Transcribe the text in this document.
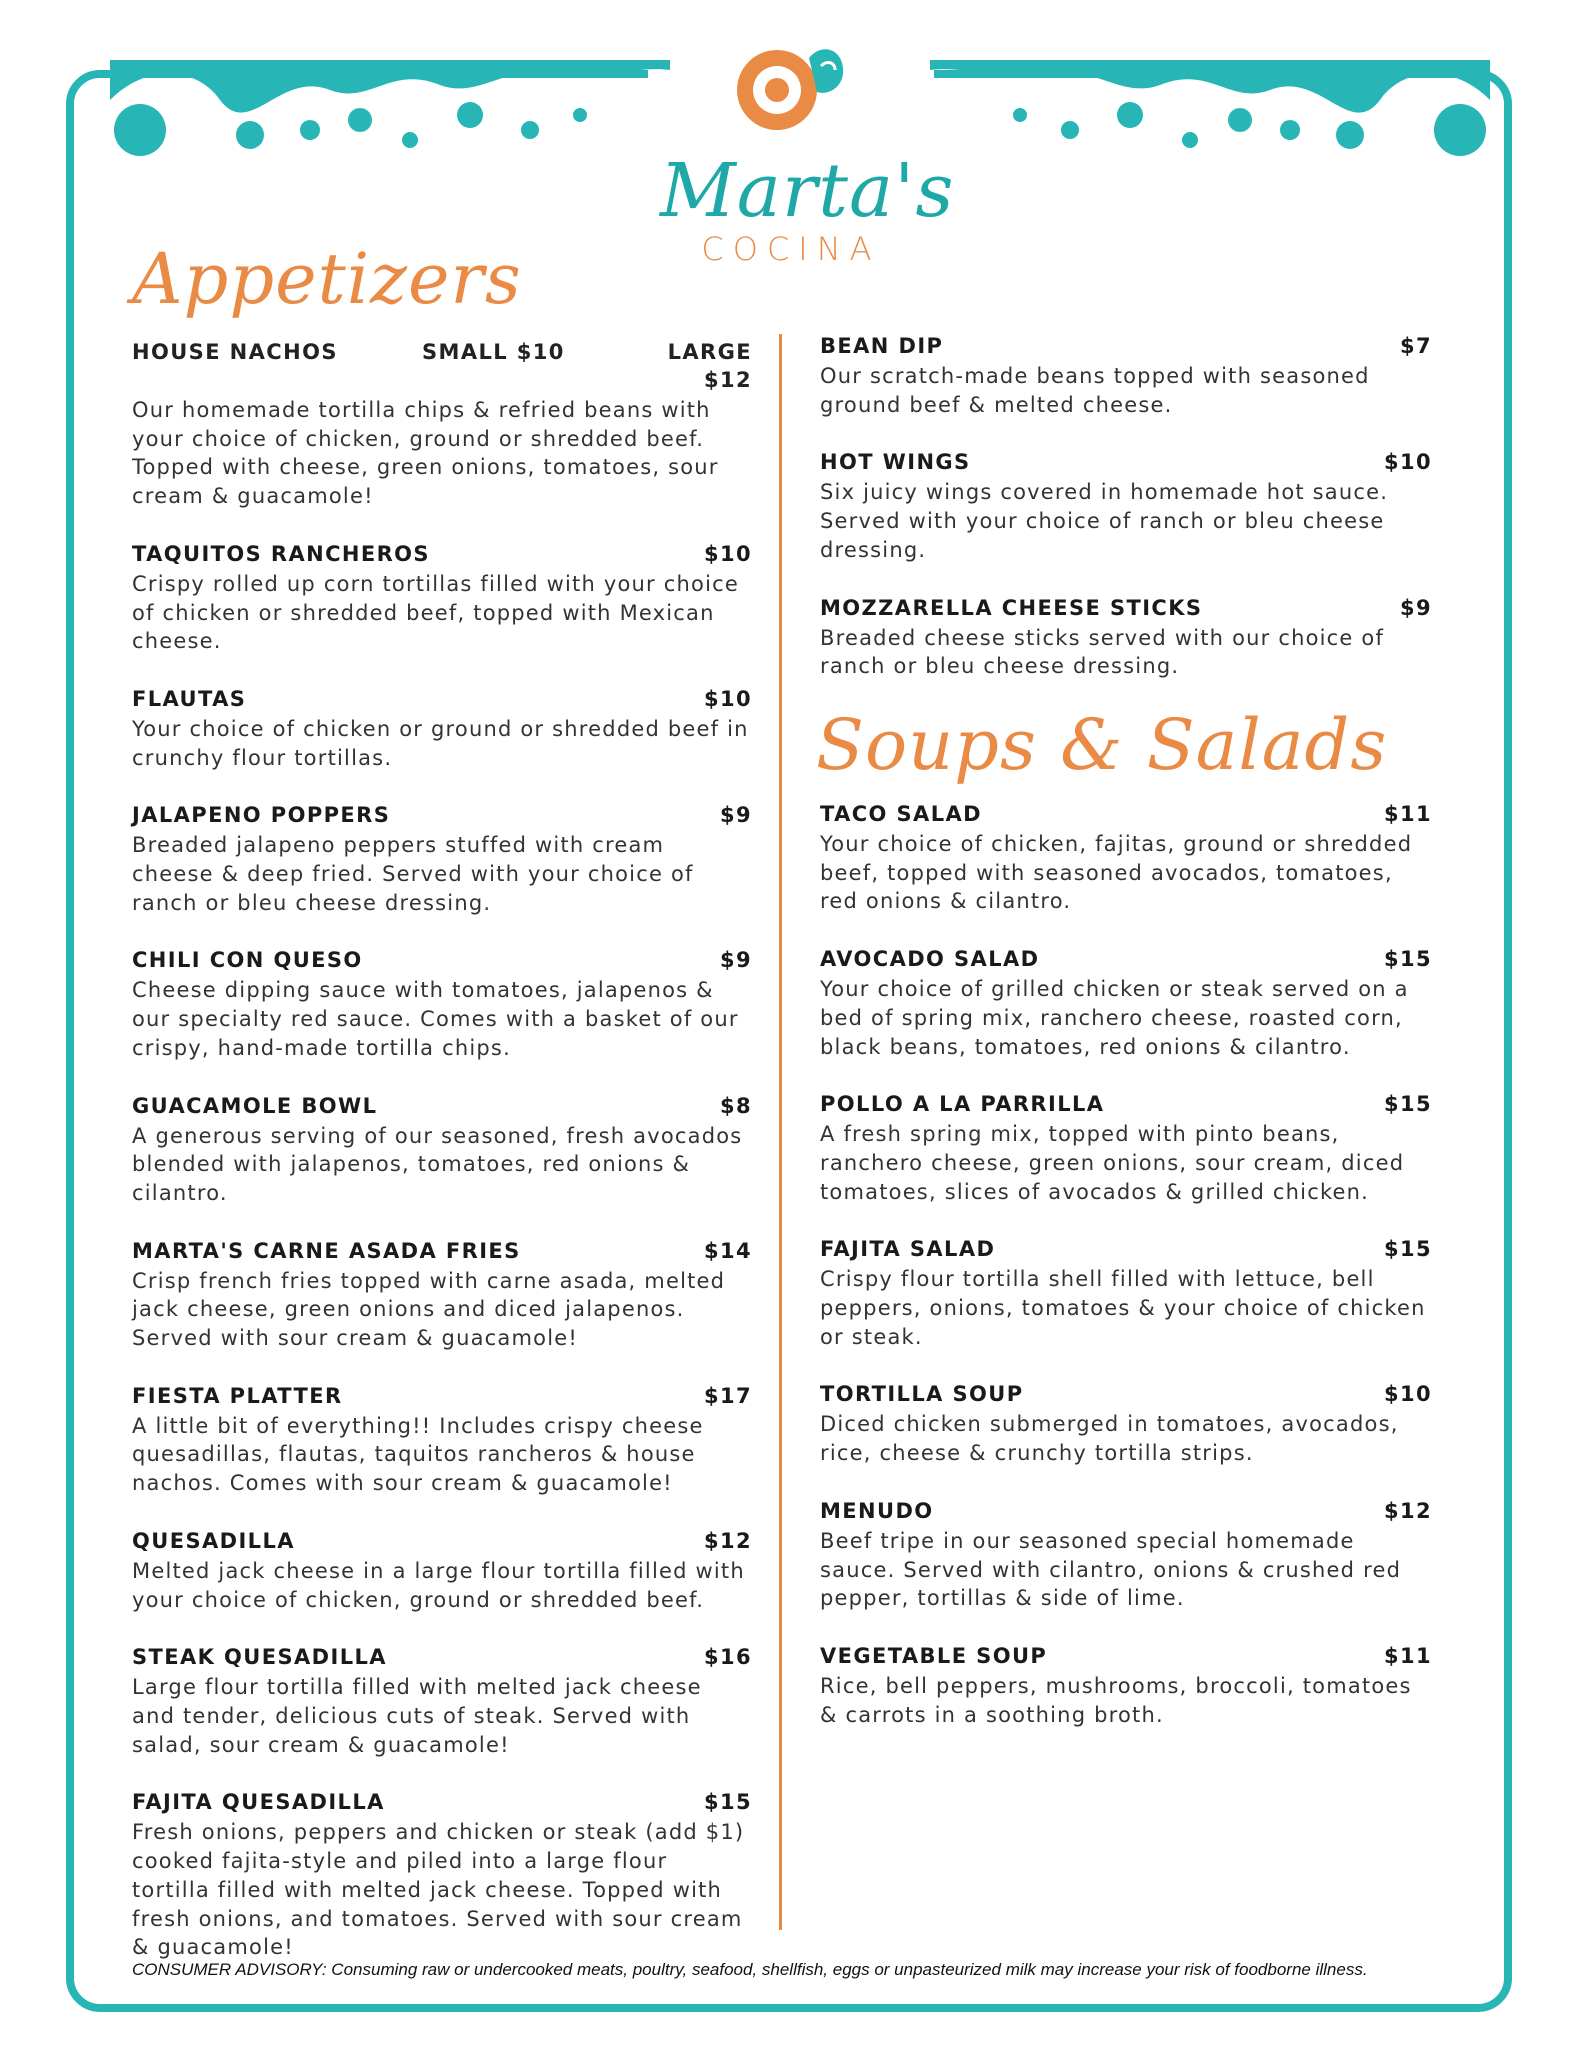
Marta's
COCINA
Appetizers
Soups & Salads
HOUSE NACHOS	SMALL $10	LARGE $12
Our homemade tortilla chips & refried beans with your choice of chicken, ground or shredded beef. Topped with cheese, green onions, tomatoes, sour cream & guacamole!
TAQUITOS RANCHEROS	$10
Crispy rolled up corn tortillas filled with your choice of chicken or shredded beef, topped with Mexican cheese.
FLAUTAS	$10
Your choice of chicken or ground or shredded beef in crunchy flour tortillas.
JALAPENO POPPERS	$9
Breaded jalapeno peppers stuffed with cream cheese & deep fried. Served with your choice of ranch or bleu cheese dressing.
CHILI CON QUESO	$9
Cheese dipping sauce with tomatoes, jalapenos & our specialty red sauce. Comes with a basket of our crispy, hand-made tortilla chips.
GUACAMOLE BOWL	$8
A generous serving of our seasoned, fresh avocados blended with jalapenos, tomatoes, red onions & cilantro.
MARTA'S CARNE ASADA FRIES	$14
Crisp french fries topped with carne asada, melted jack cheese, green onions and diced jalapenos. Served with sour cream & guacamole!
FIESTA PLATTER	$17
A little bit of everything!! Includes crispy cheese quesadillas, flautas, taquitos rancheros & house nachos. Comes with sour cream & guacamole!
QUESADILLA	$12
Melted jack cheese in a large flour tortilla filled with your choice of chicken, ground or shredded beef.
STEAK QUESADILLA	$16
Large flour tortilla filled with melted jack cheese and tender, delicious cuts of steak. Served with salad, sour cream & guacamole!
FAJITA QUESADILLA	$15
Fresh onions, peppers and chicken or steak (add $1) cooked fajita-style and piled into a large flour tortilla filled with melted jack cheese. Topped with fresh onions, and tomatoes. Served with sour cream & guacamole!
BEAN DIP	$7
Our scratch-made beans topped with seasoned ground beef & melted cheese.
HOT WINGS	$10
Six juicy wings covered in homemade hot sauce. Served with your choice of ranch or bleu cheese dressing.
MOZZARELLA CHEESE STICKS	$9
Breaded cheese sticks served with our choice of ranch or bleu cheese dressing.
TACO SALAD	$11
Your choice of chicken, fajitas, ground or shredded beef, topped with seasoned avocados, tomatoes, red onions & cilantro.
AVOCADO SALAD	$15
Your choice of grilled chicken or steak served on a bed of spring mix, ranchero cheese, roasted corn, black beans, tomatoes, red onions & cilantro.
POLLO A LA PARRILLA	$15
A fresh spring mix, topped with pinto beans, ranchero cheese, green onions, sour cream, diced tomatoes, slices of avocados & grilled chicken.
FAJITA SALAD	$15
Crispy flour tortilla shell filled with lettuce, bell peppers, onions, tomatoes & your choice of chicken or steak.
TORTILLA SOUP	$10
Diced chicken submerged in tomatoes, avocados, rice, cheese & crunchy tortilla strips.
MENUDO	$12
Beef tripe in our seasoned special homemade sauce. Served with cilantro, onions & crushed red pepper, tortillas & side of lime.
VEGETABLE SOUP	$11
Rice, bell peppers, mushrooms, broccoli, tomatoes & carrots in a soothing broth.
CONSUMER ADVISORY: Consuming raw or undercooked meats, poultry, seafood, shellfish, eggs or unpasteurized milk may increase your risk of foodborne illness.
